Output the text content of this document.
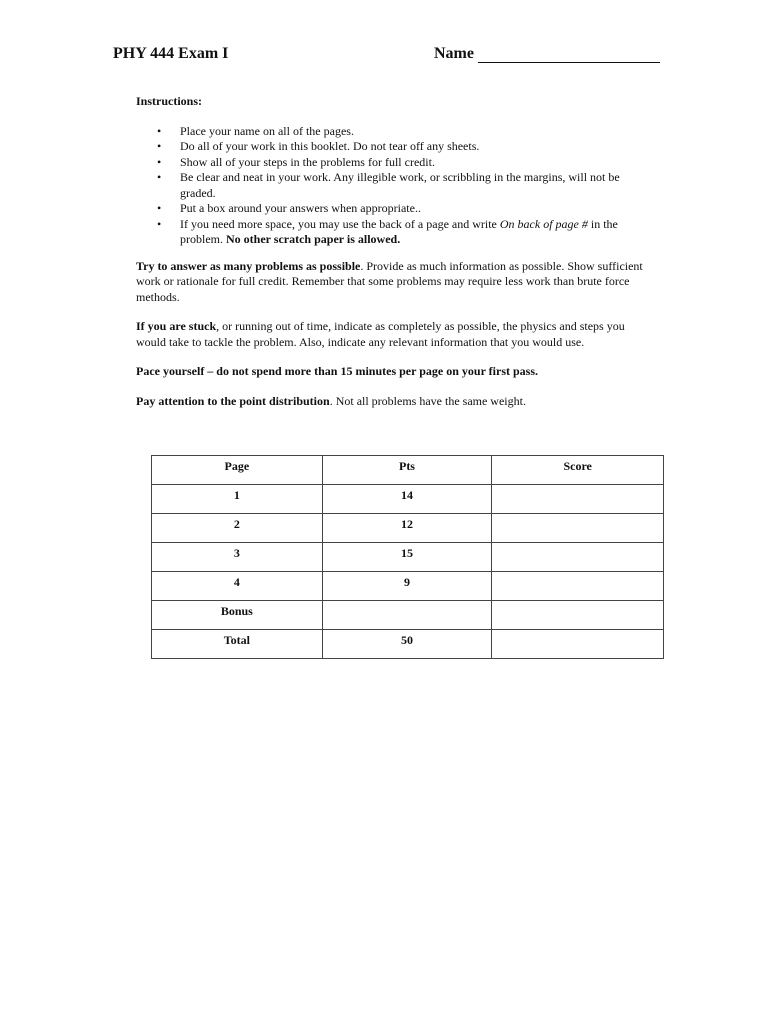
PHY 444 Exam I	Name

Instructions:

• Place your name on all of the pages.
• Do all of your work in this booklet. Do not tear off any sheets.
• Show all of your steps in the problems for full credit.
• Be clear and neat in your work. Any illegible work, or scribbling in the margins, will not be graded.
• Put a box around your answers when appropriate..
• If you need more space, you may use the back of a page and write On back of page # in the problem. No other scratch paper is allowed.

Try to answer as many problems as possible. Provide as much information as possible. Show sufficient work or rationale for full credit. Remember that some problems may require less work than brute force methods.

If you are stuck, or running out of time, indicate as completely as possible, the physics and steps you would take to tackle the problem. Also, indicate any relevant information that you would use.

Pace yourself – do not spend more than 15 minutes per page on your first pass.

Pay attention to the point distribution. Not all problems have the same weight.

Page	Pts	Score
1	14	
2	12	
3	15	
4	9	
Bonus		
Total	50	
